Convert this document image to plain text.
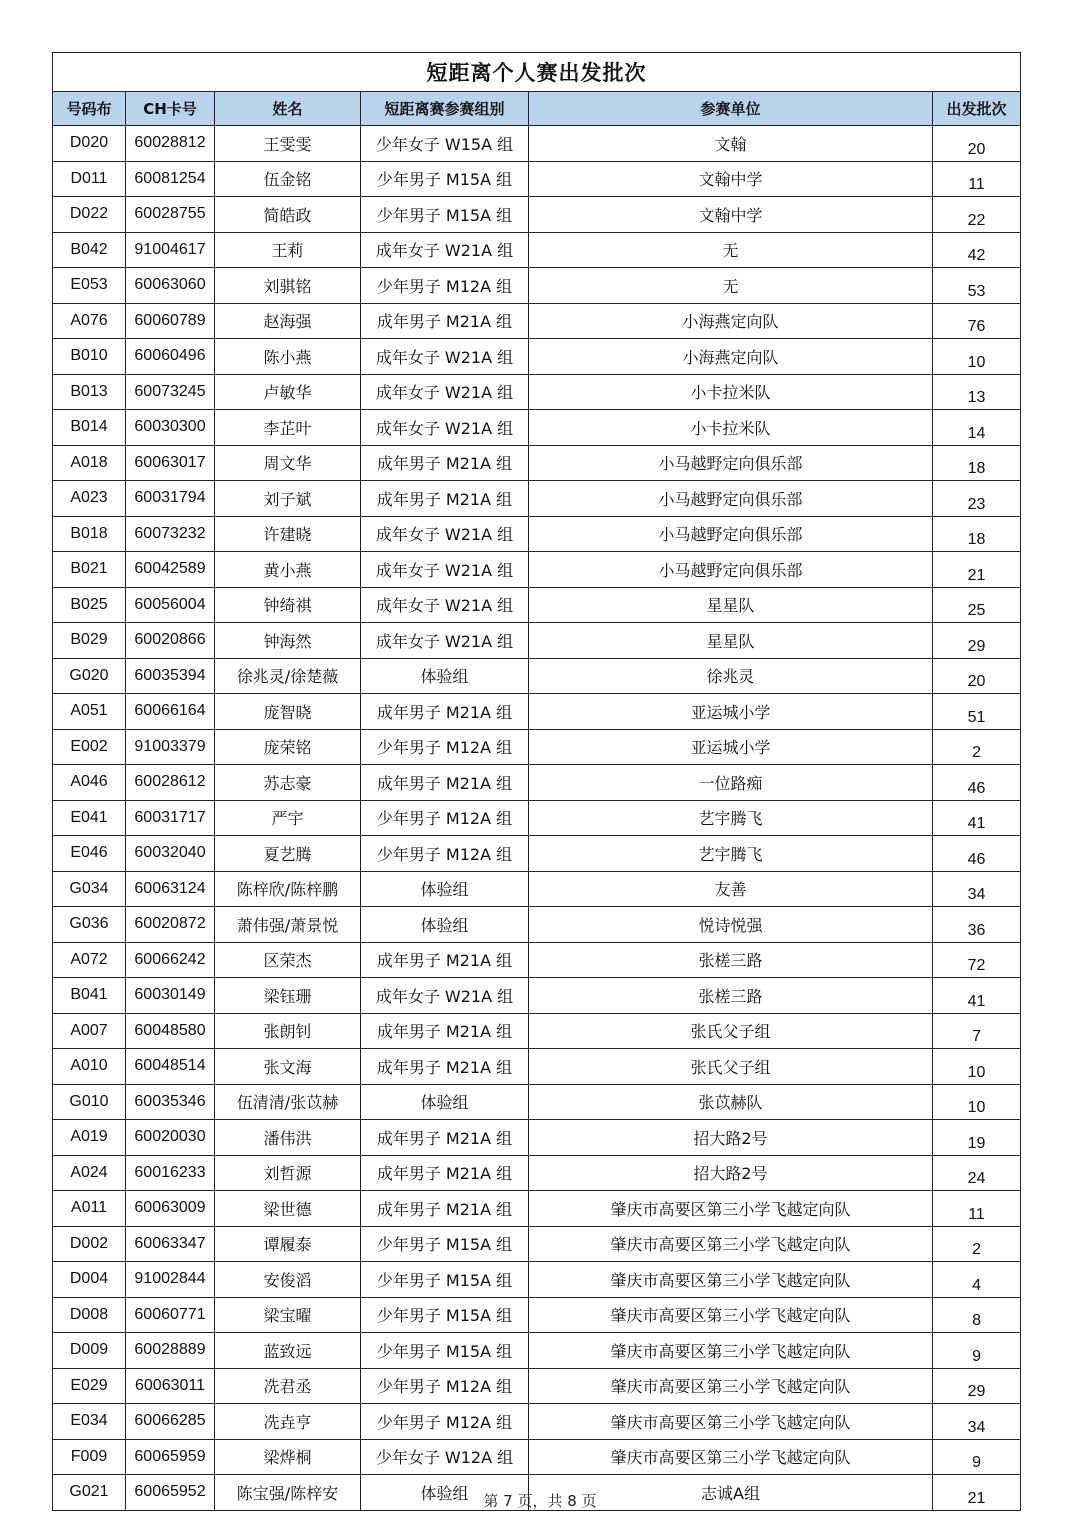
短距离个人赛出发批次					
号码布	CH卡号	姓名	短距离赛参赛组别	参赛单位	出发批次
D020	60028812	王雯雯	少年女子 W15A 组	文翰	20
D011	60081254	伍金铭	少年男子 M15A 组	文翰中学	11
D022	60028755	简皓政	少年男子 M15A 组	文翰中学	22
B042	91004617	王莉	成年女子 W21A 组	无	42
E053	60063060	刘骐铭	少年男子 M12A 组	无	53
A076	60060789	赵海强	成年男子 M21A 组	小海燕定向队	76
B010	60060496	陈小燕	成年女子 W21A 组	小海燕定向队	10
B013	60073245	卢敏华	成年女子 W21A 组	小卡拉米队	13
B014	60030300	李芷叶	成年女子 W21A 组	小卡拉米队	14
A018	60063017	周文华	成年男子 M21A 组	小马越野定向俱乐部	18
A023	60031794	刘子斌	成年男子 M21A 组	小马越野定向俱乐部	23
B018	60073232	许建晓	成年女子 W21A 组	小马越野定向俱乐部	18
B021	60042589	黄小燕	成年女子 W21A 组	小马越野定向俱乐部	21
B025	60056004	钟绮祺	成年女子 W21A 组	星星队	25
B029	60020866	钟海然	成年女子 W21A 组	星星队	29
G020	60035394	徐兆灵/徐楚薇	体验组	徐兆灵	20
A051	60066164	庞智晓	成年男子 M21A 组	亚运城小学	51
E002	91003379	庞荣铭	少年男子 M12A 组	亚运城小学	2
A046	60028612	苏志豪	成年男子 M21A 组	一位路痴	46
E041	60031717	严宇	少年男子 M12A 组	艺宇腾飞	41
E046	60032040	夏艺腾	少年男子 M12A 组	艺宇腾飞	46
G034	60063124	陈梓欣/陈梓鹏	体验组	友善	34
G036	60020872	萧伟强/萧景悦	体验组	悦诗悦强	36
A072	60066242	区荣杰	成年男子 M21A 组	张槎三路	72
B041	60030149	梁钰珊	成年女子 W21A 组	张槎三路	41
A007	60048580	张朗钊	成年男子 M21A 组	张氏父子组	7
A010	60048514	张文海	成年男子 M21A 组	张氏父子组	10
G010	60035346	伍清清/张苡赫	体验组	张苡赫队	10
A019	60020030	潘伟洪	成年男子 M21A 组	招大路2号	19
A024	60016233	刘哲源	成年男子 M21A 组	招大路2号	24
A011	60063009	梁世德	成年男子 M21A 组	肇庆市高要区第三小学飞越定向队	11
D002	60063347	谭履泰	少年男子 M15A 组	肇庆市高要区第三小学飞越定向队	2
D004	91002844	安俊滔	少年男子 M15A 组	肇庆市高要区第三小学飞越定向队	4
D008	60060771	梁宝曜	少年男子 M15A 组	肇庆市高要区第三小学飞越定向队	8
D009	60028889	蓝致远	少年男子 M15A 组	肇庆市高要区第三小学飞越定向队	9
E029	60063011	冼君丞	少年男子 M12A 组	肇庆市高要区第三小学飞越定向队	29
E034	60066285	冼垚亨	少年男子 M12A 组	肇庆市高要区第三小学飞越定向队	34
F009	60065959	梁烨桐	少年女子 W12A 组	肇庆市高要区第三小学飞越定向队	9
G021	60065952	陈宝强/陈梓安	体验组	志诚A组	21
第 7 页，共 8 页
